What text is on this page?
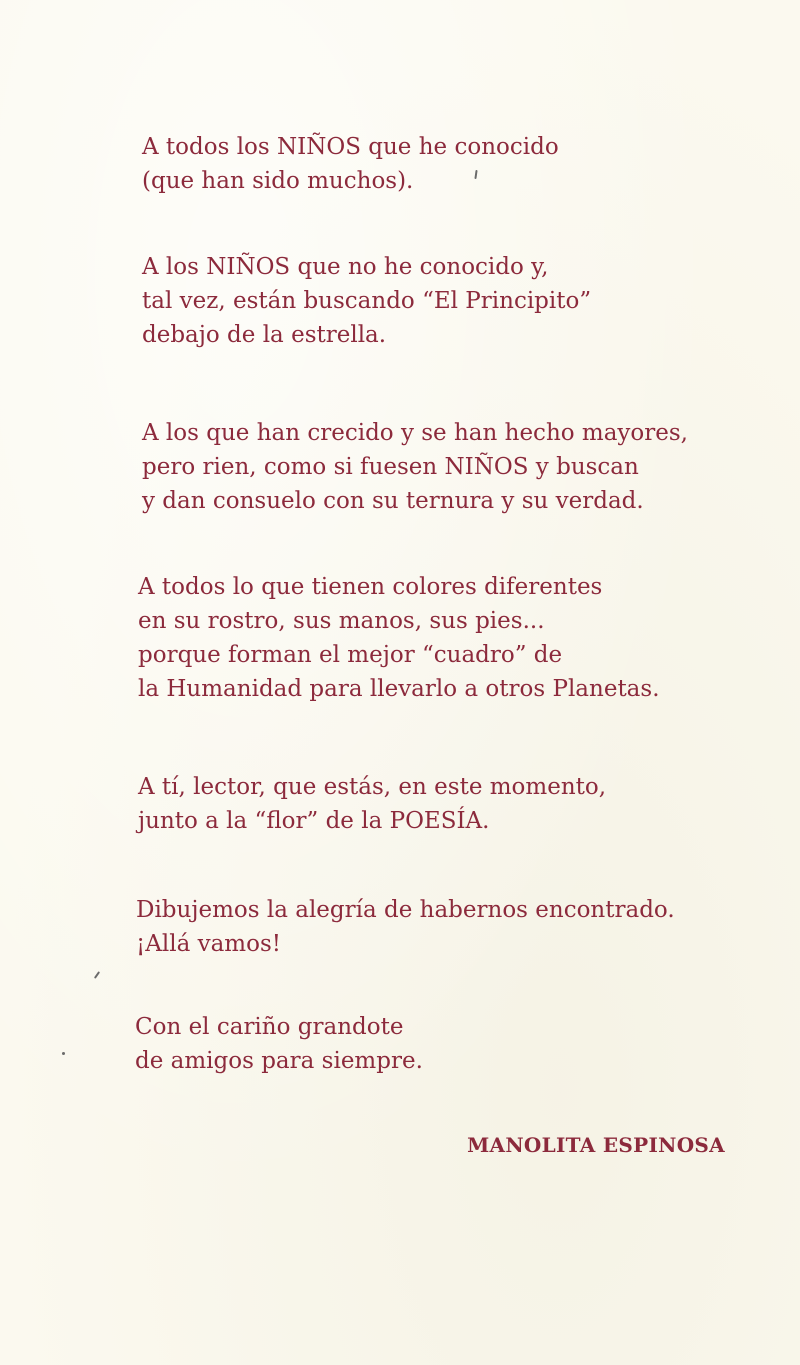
A todos los NIÑOS que he conocido
(que han sido muchos).

A los NIÑOS que no he conocido y,
tal vez, están buscando “El Principito”
debajo de la estrella.

A los que han crecido y se han hecho mayores,
pero rien, como si fuesen NIÑOS y buscan
y dan consuelo con su ternura y su verdad.

A todos lo que tienen colores diferentes
en su rostro, sus manos, sus pies...
porque forman el mejor “cuadro” de
la Humanidad para llevarlo a otros Planetas.

A tí, lector, que estás, en este momento,
junto a la “flor” de la POESÍA.

Dibujemos la alegría de habernos encontrado.
¡Allá vamos!

Con el cariño grandote
de amigos para siempre.

MANOLITA ESPINOSA
